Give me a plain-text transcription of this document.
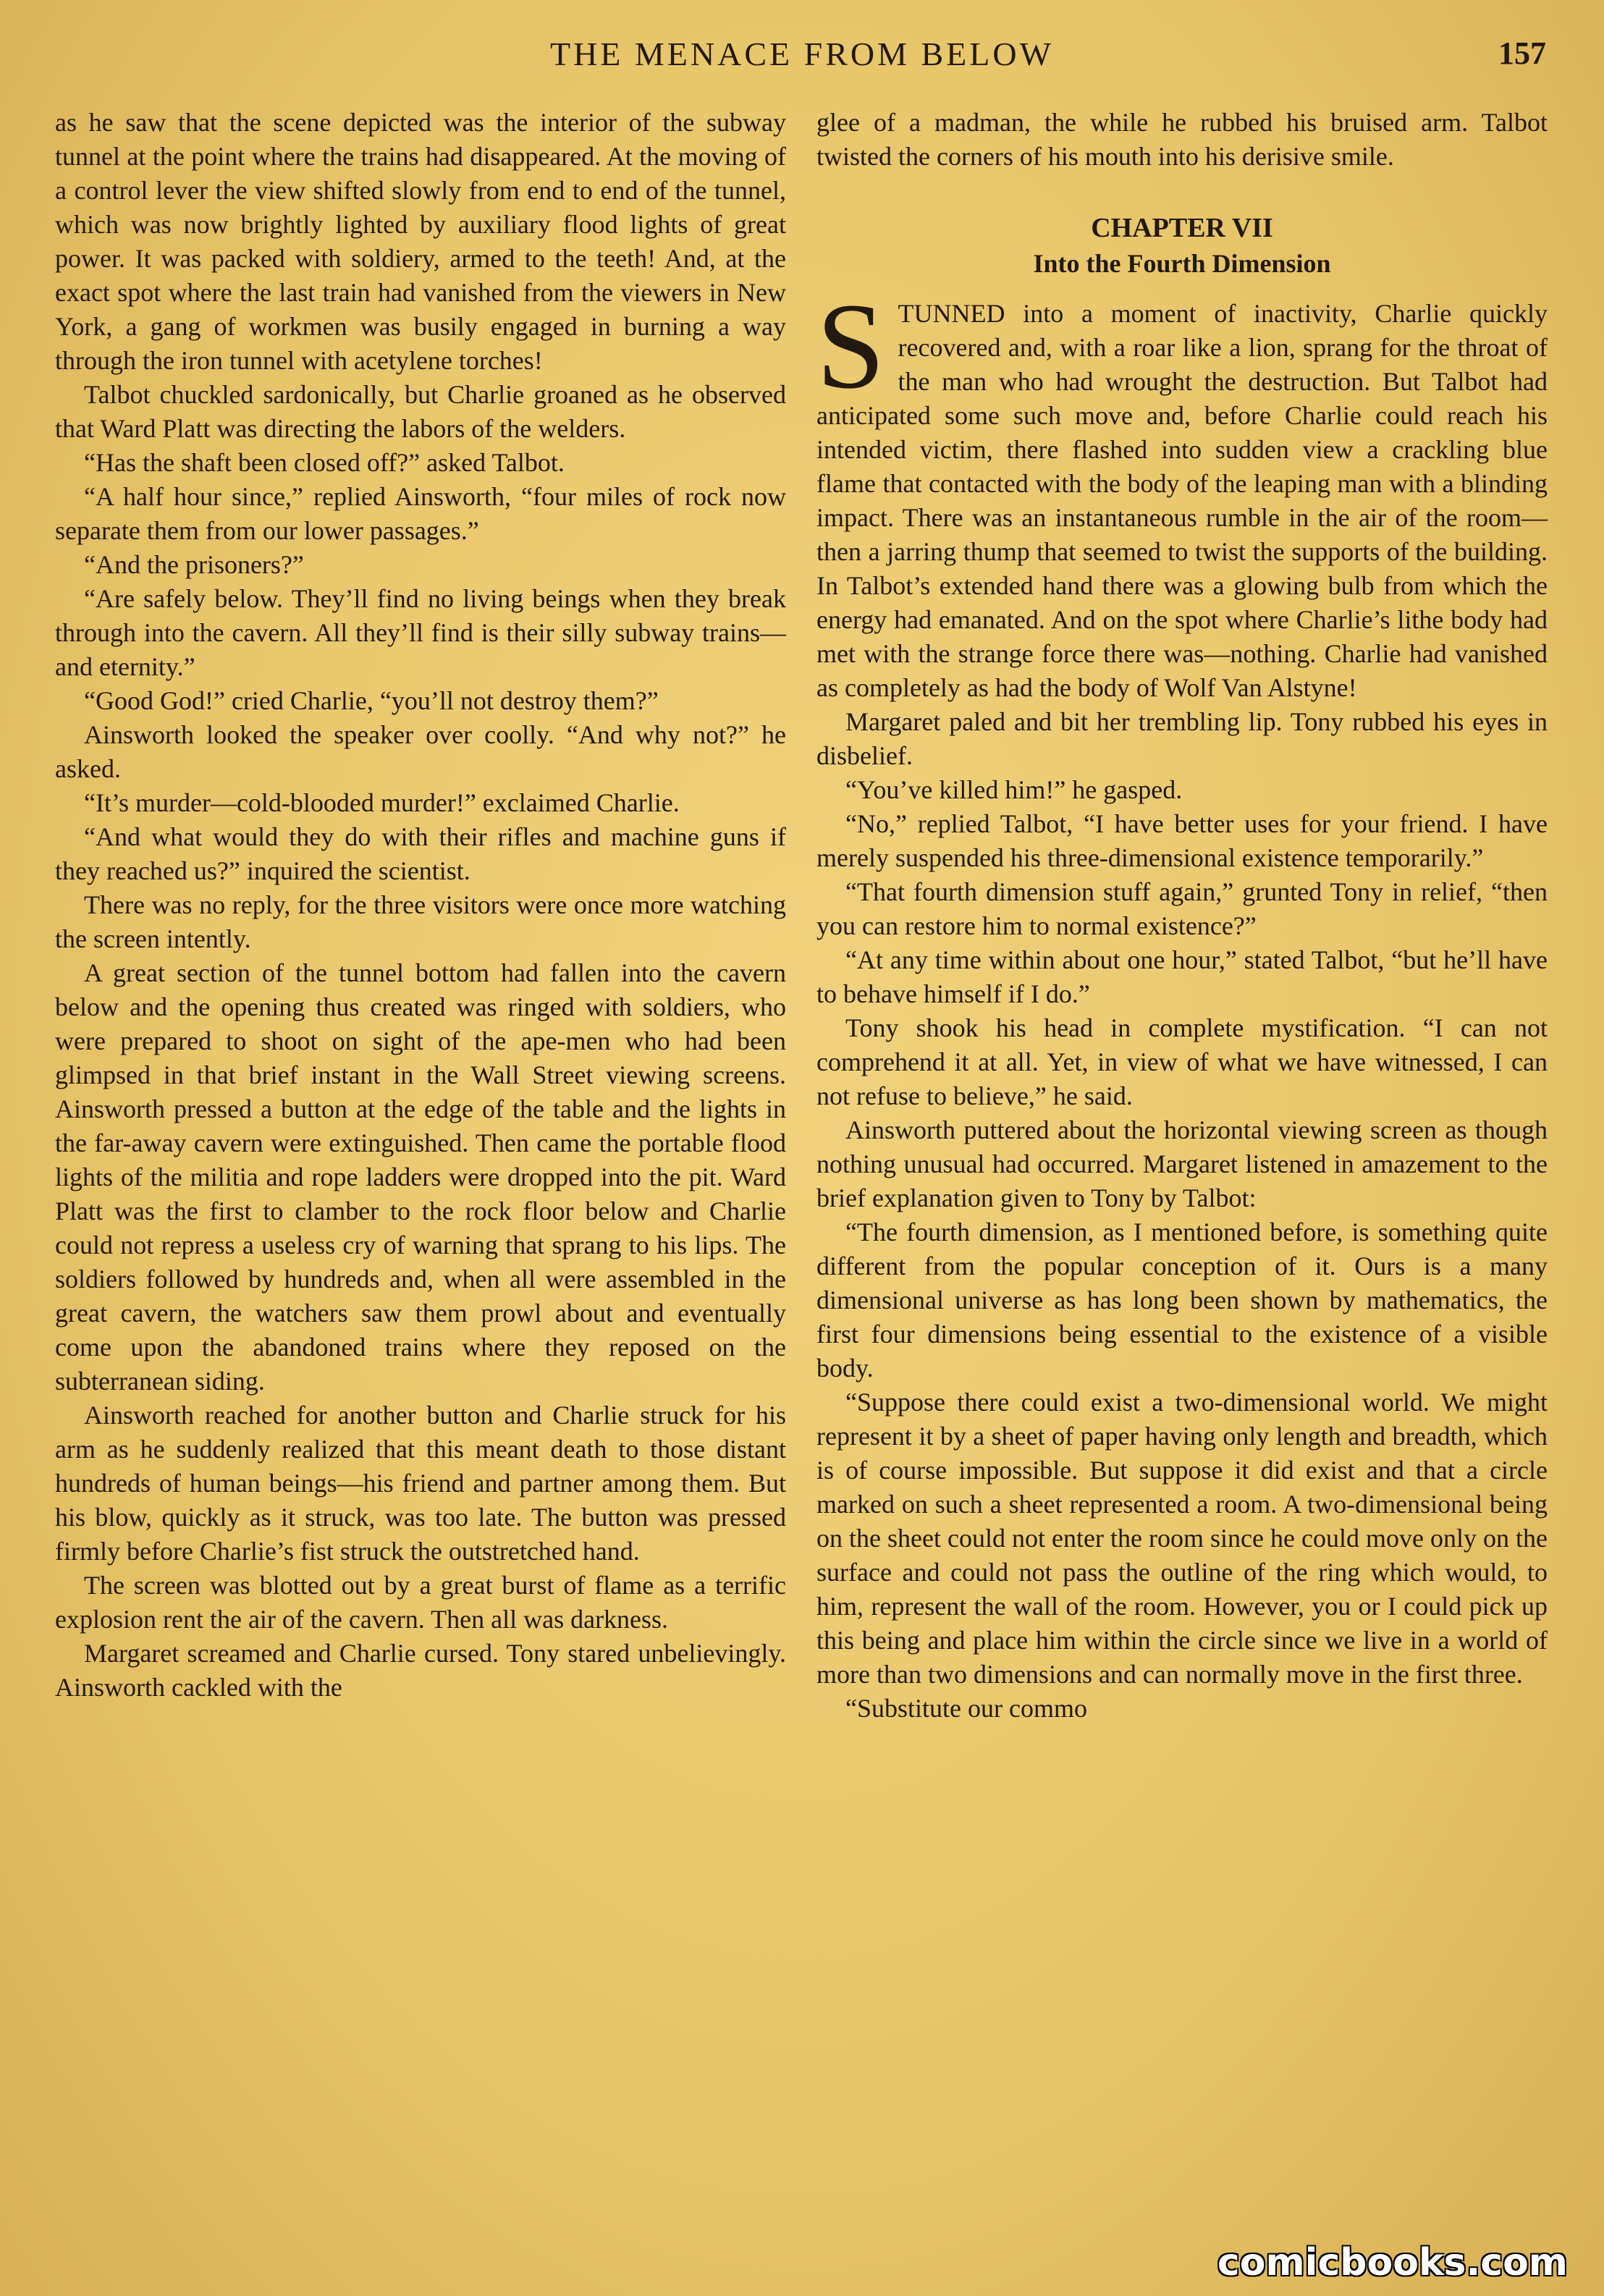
THE MENACE FROM BELOW	157

as he saw that the scene depicted was the interior of the subway tunnel at the point where the trains had disappeared. At the moving of a control lever the view shifted slowly from end to end of the tunnel, which was now brightly lighted by auxiliary flood lights of great power. It was packed with soldiery, armed to the teeth! And, at the exact spot where the last train had vanished from the viewers in New York, a gang of workmen was busily engaged in burning a way through the iron tunnel with acetylene torches!

Talbot chuckled sardonically, but Charlie groaned as he observed that Ward Platt was directing the labors of the welders.

“Has the shaft been closed off?” asked Talbot.

“A half hour since,” replied Ainsworth, “four miles of rock now separate them from our lower passages.”

“And the prisoners?”

“Are safely below. They’ll find no living beings when they break through into the cavern. All they’ll find is their silly subway trains—and eternity.”

“Good God!” cried Charlie, “you’ll not destroy them?”

Ainsworth looked the speaker over coolly. “And why not?” he asked.

“It’s murder—cold-blooded murder!” exclaimed Charlie.

“And what would they do with their rifles and machine guns if they reached us?” inquired the scientist.

There was no reply, for the three visitors were once more watching the screen intently.

A great section of the tunnel bottom had fallen into the cavern below and the opening thus created was ringed with soldiers, who were prepared to shoot on sight of the ape-men who had been glimpsed in that brief instant in the Wall Street viewing screens. Ainsworth pressed a button at the edge of the table and the lights in the far-away cavern were extinguished. Then came the portable flood lights of the militia and rope ladders were dropped into the pit. Ward Platt was the first to clamber to the rock floor below and Charlie could not repress a useless cry of warning that sprang to his lips. The soldiers followed by hundreds and, when all were assembled in the great cavern, the watchers saw them prowl about and eventually come upon the abandoned trains where they reposed on the subterranean siding.

Ainsworth reached for another button and Charlie struck for his arm as he suddenly realized that this meant death to those distant hundreds of human beings—his friend and partner among them. But his blow, quickly as it struck, was too late. The button was pressed firmly before Charlie’s fist struck the outstretched hand.

The screen was blotted out by a great burst of flame as a terrific explosion rent the air of the cavern. Then all was darkness.

Margaret screamed and Charlie cursed. Tony stared unbelievingly. Ainsworth cackled with the

glee of a madman, the while he rubbed his bruised arm. Talbot twisted the corners of his mouth into his derisive smile.

CHAPTER VII
Into the Fourth Dimension

STUNNED into a moment of inactivity, Charlie quickly recovered and, with a roar like a lion, sprang for the throat of the man who had wrought the destruction. But Talbot had anticipated some such move and, before Charlie could reach his intended victim, there flashed into sudden view a crackling blue flame that contacted with the body of the leaping man with a blinding impact. There was an instantaneous rumble in the air of the room—then a jarring thump that seemed to twist the supports of the building. In Talbot’s extended hand there was a glowing bulb from which the energy had emanated. And on the spot where Charlie’s lithe body had met with the strange force there was—nothing. Charlie had vanished as completely as had the body of Wolf Van Alstyne!

Margaret paled and bit her trembling lip. Tony rubbed his eyes in disbelief.

“You’ve killed him!” he gasped.

“No,” replied Talbot, “I have better uses for your friend. I have merely suspended his three-dimensional existence temporarily.”

“That fourth dimension stuff again,” grunted Tony in relief, “then you can restore him to normal existence?”

“At any time within about one hour,” stated Talbot, “but he’ll have to behave himself if I do.”

Tony shook his head in complete mystification. “I can not comprehend it at all. Yet, in view of what we have witnessed, I can not refuse to believe,” he said.

Ainsworth puttered about the horizontal viewing screen as though nothing unusual had occurred. Margaret listened in amazement to the brief explanation given to Tony by Talbot:

“The fourth dimension, as I mentioned before, is something quite different from the popular conception of it. Ours is a many dimensional universe as has long been shown by mathematics, the first four dimensions being essential to the existence of a visible body.

“Suppose there could exist a two-dimensional world. We might represent it by a sheet of paper having only length and breadth, which is of course impossible. But suppose it did exist and that a circle marked on such a sheet represented a room. A two-dimensional being on the sheet could not enter the room since he could move only on the surface and could not pass the outline of the ring which would, to him, represent the wall of the room. However, you or I could pick up this being and place him within the circle since we live in a world of more than two dimensions and can normally move in the first three.

“Substitute our commo

comicbooks.com
